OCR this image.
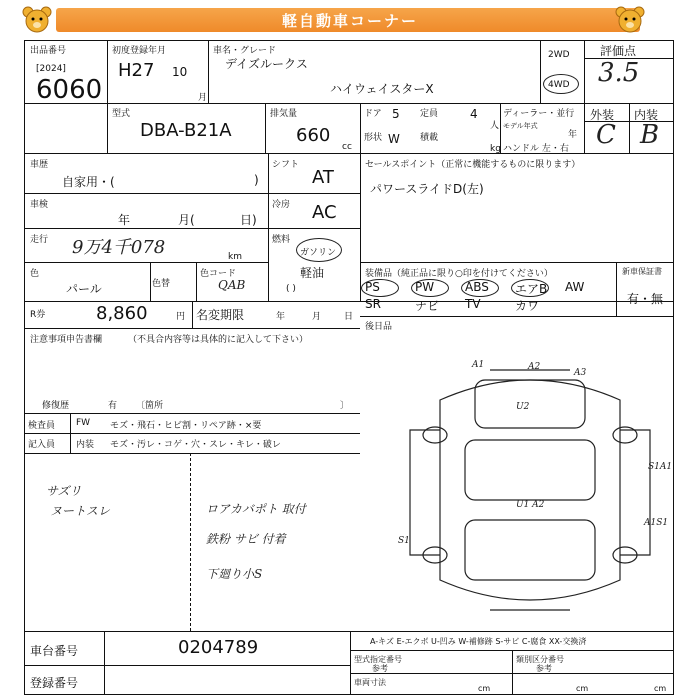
軽自動車コーナー
出品番号
[2024]
6060
初度登録年月
H27 10
月
車名・グレード
デイズルークス
ハイウェイスターX
2WD
4WD
評価点
3.5
型式
DBA-B21A
排気量
660
cc
ドア 5 定員	4
人
形状 W 積載
kg
ディーラー・並行
モデル年式
年
ハンドル 左・右
外装 内装
C B
車歴
自家用・(	)
シフト
AT
車検
年	月(	日)
冷房 AC
走行 9万4千078	km
燃料
ガソリン
軽油
( )
色
パール	色替
色コード
QAB
セールスポイント（正常に機能するものに限ります）
パワースライドD(左)
装備品（純正品に限り○印を付けてください）	新車保証書
有・無
PS	PW	ABS エアB AW
SR	ナビ TV	カワ
後日品
R券	8,860	円 名変期限	年	月	日
注意事項申告書欄	（不具合内容等は具体的に記入して下さい）
修復歴	有 〔箇所	〕
検査員
記入員
FW モズ・飛石・ヒビ割・リペア跡・×要
内装 モズ・汚レ・コゲ・穴・スレ・キレ・破レ
サズリ
ヌートスレ	ロアカバポト 取付
鉄粉 サビ 付着
下廻り小S
A1	A2
A3
U2
U1 A2
S1A1
A1S1
S1
車台番号	0204789
登録番号
A-キズ E-エクボ U-凹み W-補修跡 S-サビ C-腐食 XX-交換済
型式指定番号
参考
類別区分番号
参考
車両寸法
cm	cm	cm
